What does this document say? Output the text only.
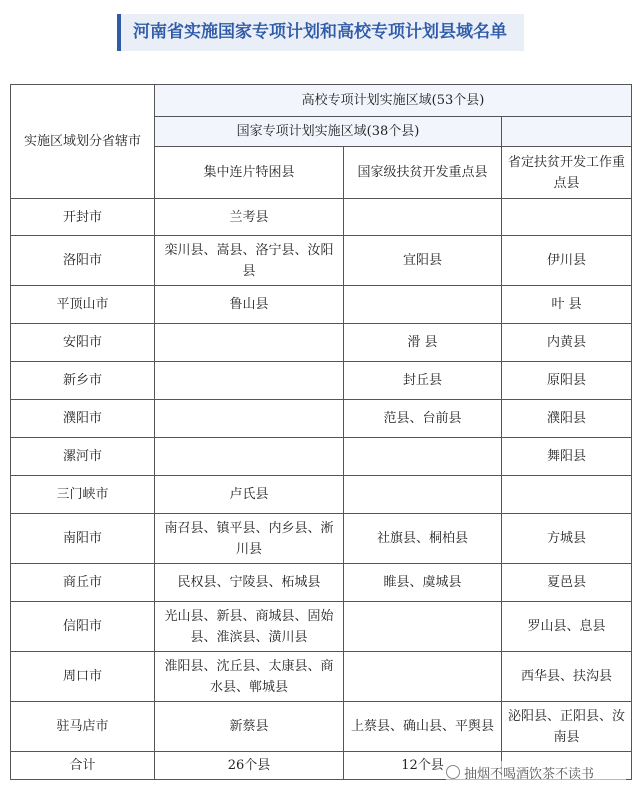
河南省实施国家专项计划和高校专项计划县域名单
实施区域划分省辖市	高校专项计划实施区域(53个县)		
	国家专项计划实施区域(38个县)		
	集中连片特困县	国家级扶贫开发重点县	省定扶贫开发工作重点县
开封市	兰考县		
洛阳市	栾川县、嵩县、洛宁县、汝阳县	宜阳县	伊川县
平顶山市	鲁山县		叶 县
安阳市		滑 县	内黄县
新乡市		封丘县	原阳县
濮阳市		范县、台前县	濮阳县
漯河市			舞阳县
三门峡市	卢氏县		
南阳市	南召县、镇平县、内乡县、淅川县	社旗县、桐柏县	方城县
商丘市	民权县、宁陵县、柘城县	睢县、虞城县	夏邑县
信阳市	光山县、新县、商城县、固始县、淮滨县、潢川县		罗山县、息县
周口市	淮阳县、沈丘县、太康县、商水县、郸城县		西华县、扶沟县
驻马店市	新蔡县	上蔡县、确山县、平舆县	泌阳县、正阳县、汝南县
合计	26个县	12个县	
抽烟不喝酒饮茶不读书
